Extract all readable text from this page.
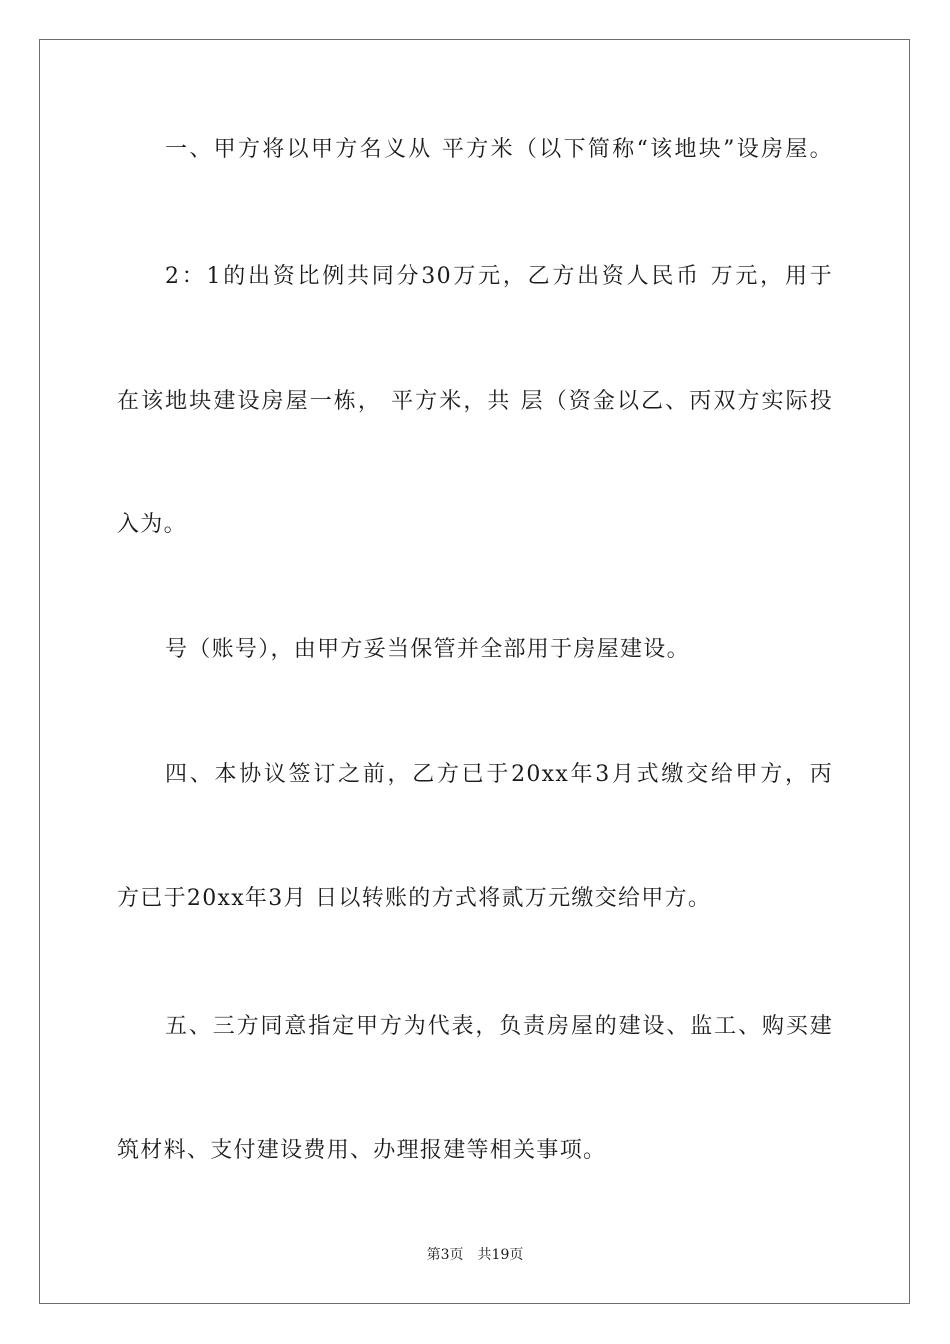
一、甲方将以甲方名义从 平方米（以下简称“该地块”设房屋。
2：1的出资比例共同分30万元，乙方出资人民币 万元，用于
在该地块建设房屋一栋， 平方米，共 层（资金以乙、丙双方实际投
入为。
号（账号），由甲方妥当保管并全部用于房屋建设。
四、本协议签订之前，乙方已于20xx年3月式缴交给甲方，丙
方已于20xx年3月 日以转账的方式将贰万元缴交给甲方。
五、三方同意指定甲方为代表，负责房屋的建设、监工、购买建
筑材料、支付建设费用、办理报建等相关事项。
第3页 共19页
